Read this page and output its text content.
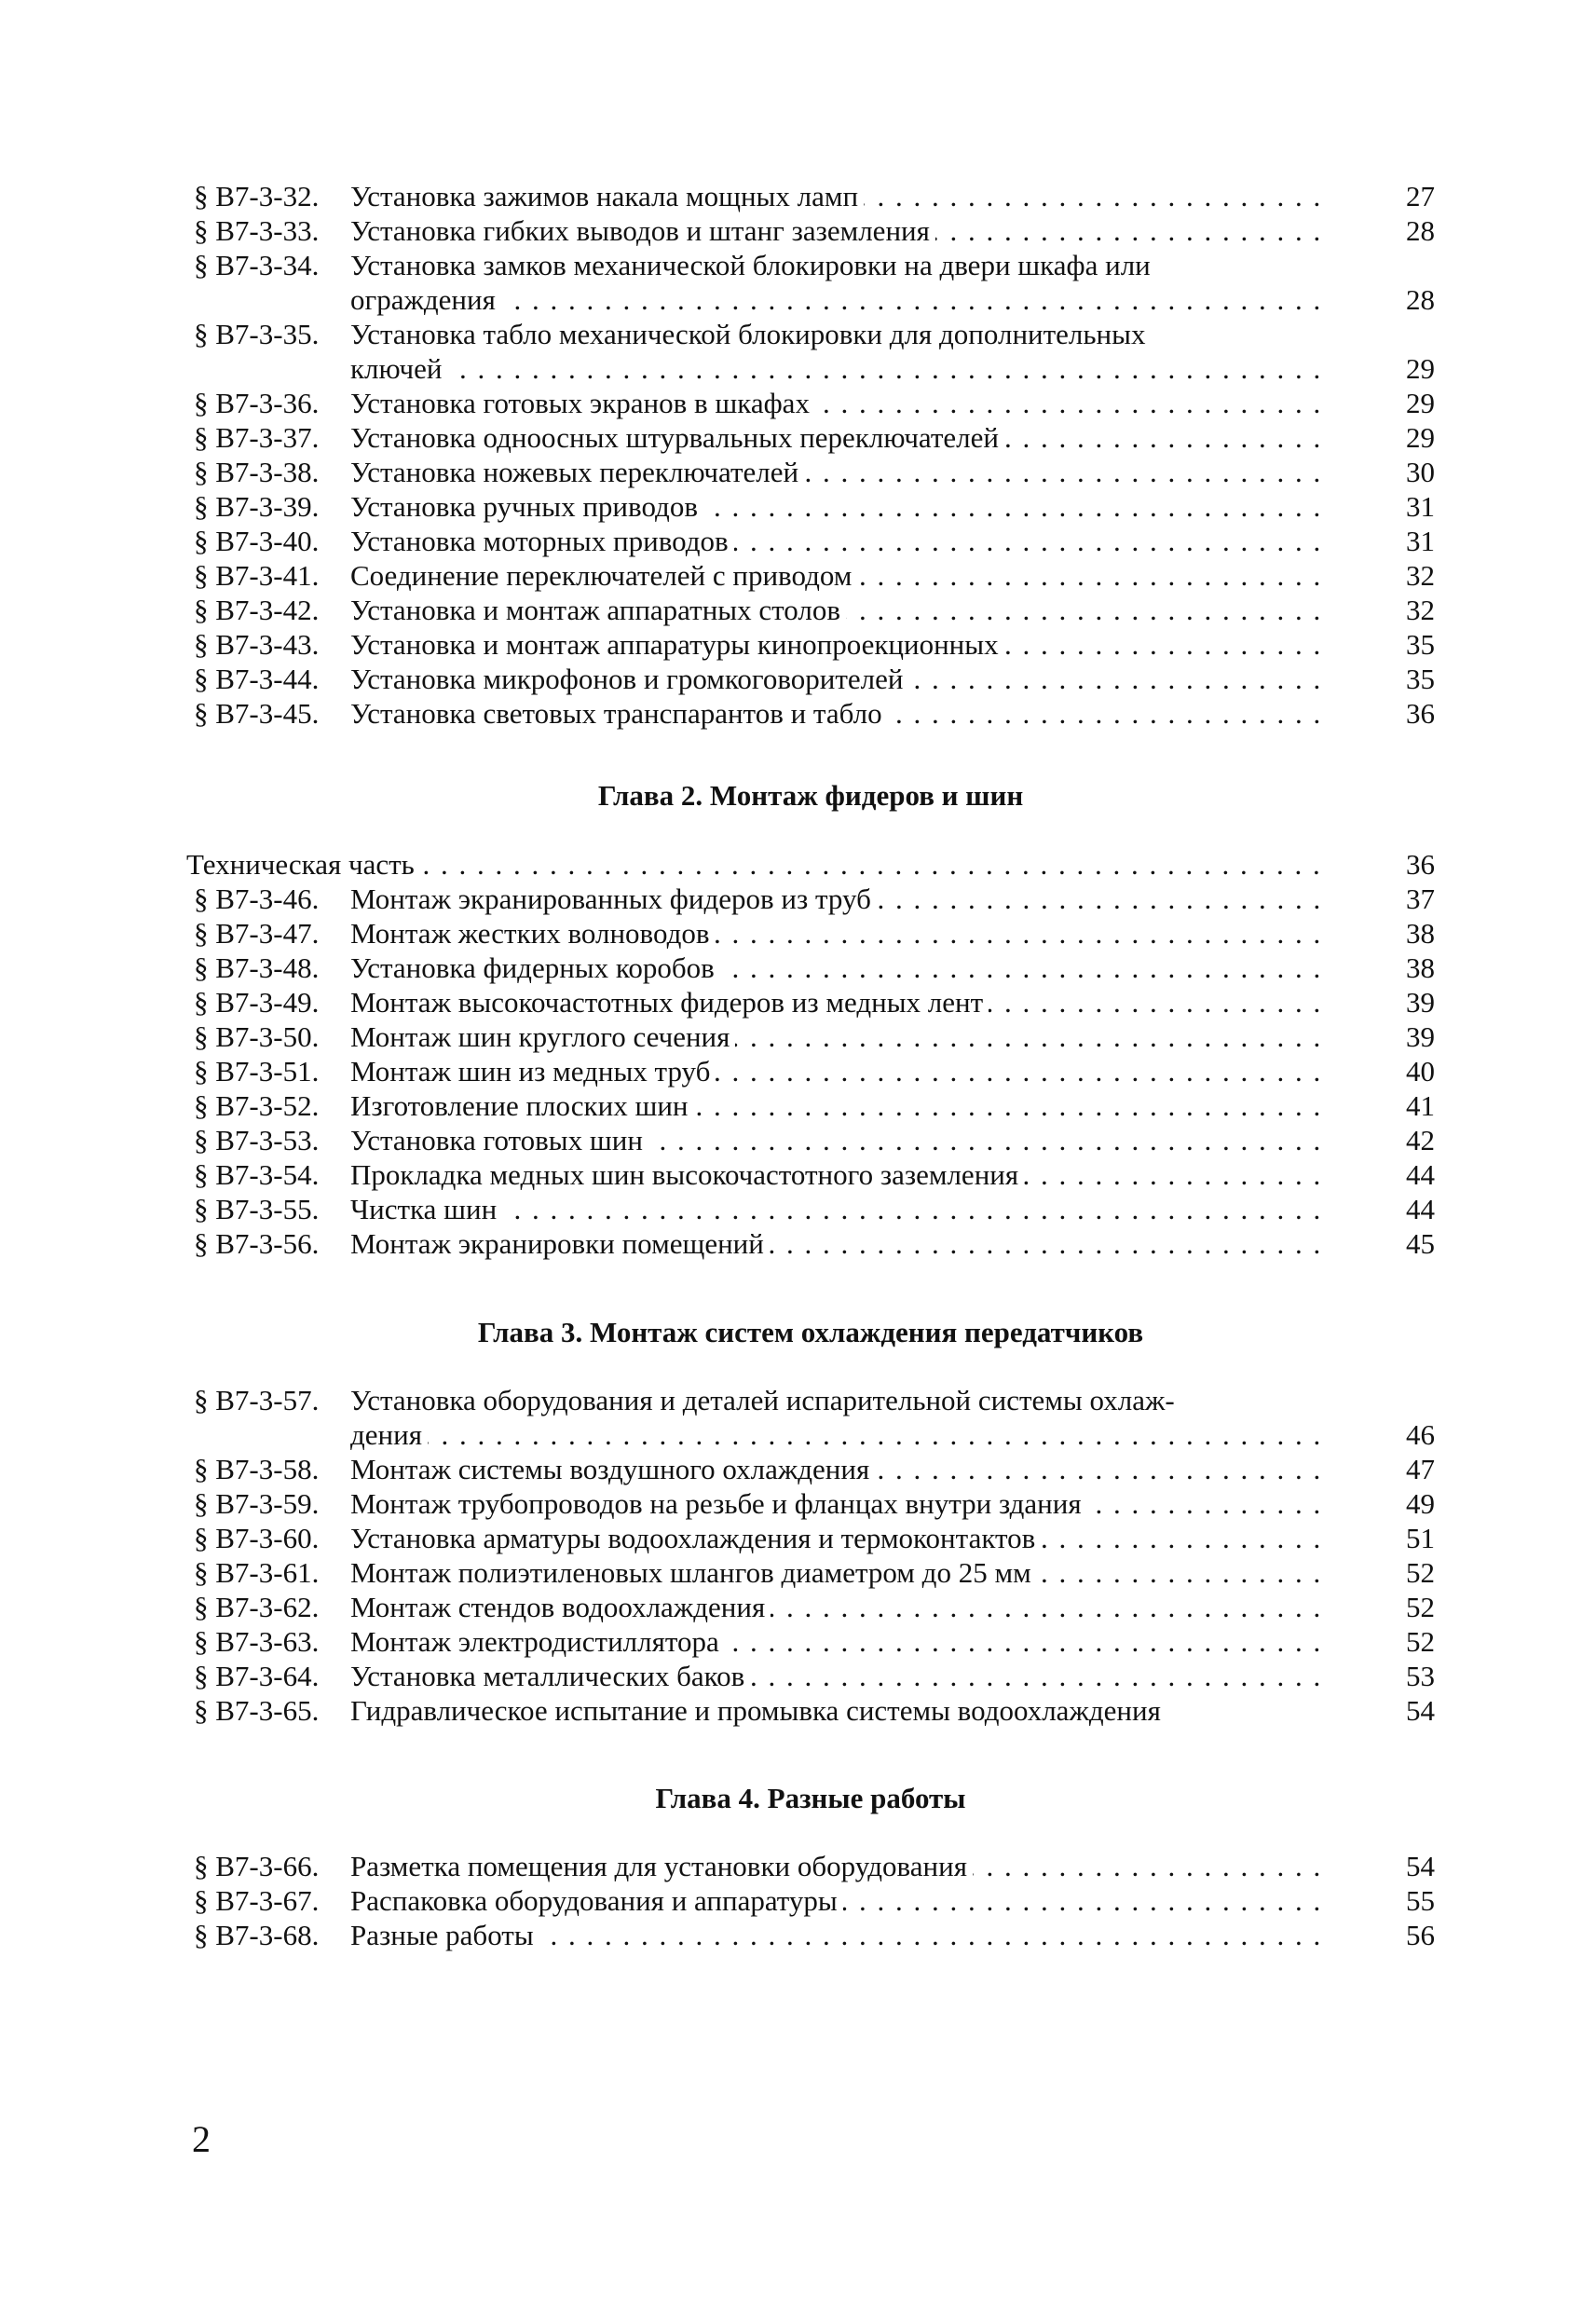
§ B7-3-32. Установка зажимов накала мощных ламп . . .	27
§ B7-3-33. Установка гибких выводов и штанг заземления . . .	28
§ B7-3-34. Установка замков механической блокировки на двери шкафа или
ограждения . . .	28
§ B7-3-35. Установка табло механической блокировки для дополнительных
ключей . . .	29
§ B7-3-36. Установка готовых экранов в шкафах . . .	29
§ B7-3-37. Установка одноосных штурвальных переключателей . . .	29
§ B7-3-38. Установка ножевых переключателей . . .	30
§ B7-3-39. Установка ручных приводов . . .	31
§ B7-3-40. Установка моторных приводов . . .	31
§ B7-3-41. Соединение переключателей с приводом . . .	32
§ B7-3-42. Установка и монтаж аппаратных столов . . .	32
§ B7-3-43. Установка и монтаж аппаратуры кинопроекционных . . .	35
§ B7-3-44. Установка микрофонов и громкоговорителей . . .	35
§ B7-3-45. Установка световых транспарантов и табло . . .	36
Глава 2. Монтаж фидеров и шин
Техническая часть . . .	36
§ B7-3-46. Монтаж экранированных фидеров из труб . . .	37
§ B7-3-47. Монтаж жестких волноводов . . .	38
§ B7-3-48. Установка фидерных коробов . . .	38
§ B7-3-49. Монтаж высокочастотных фидеров из медных лент . . .	39
§ B7-3-50. Монтаж шин круглого сечения . . .	39
§ B7-3-51. Монтаж шин из медных труб . . .	40
§ B7-3-52. Изготовление плоских шин . . .	41
§ B7-3-53. Установка готовых шин . . .	42
§ B7-3-54. Прокладка медных шин высокочастотного заземления . . .	44
§ B7-3-55. Чистка шин . . .	44
§ B7-3-56. Монтаж экранировки помещений . . .	45
Глава 3. Монтаж систем охлаждения передатчиков
§ B7-3-57. Установка оборудования и деталей испарительной системы охлаж-
дения . . .	46
§ B7-3-58. Монтаж системы воздушного охлаждения . . .	47
§ B7-3-59. Монтаж трубопроводов на резьбе и фланцах внутри здания . . .	49
§ B7-3-60. Установка арматуры водоохлаждения и термоконтактов . . .	51
§ B7-3-61. Монтаж полиэтиленовых шлангов диаметром до 25 мм . . .	52
§ B7-3-62. Монтаж стендов водоохлаждения . . .	52
§ B7-3-63. Монтаж электродистиллятора . . .	52
§ B7-3-64. Установка металлических баков . . .	53
§ B7-3-65. Гидравлическое испытание и промывка системы водоохлаждения	54
Глава 4. Разные работы
§ B7-3-66. Разметка помещения для установки оборудования . . .	54
§ B7-3-67. Распаковка оборудования и аппаратуры . . .	55
§ B7-3-68. Разные работы . . .	56
2
